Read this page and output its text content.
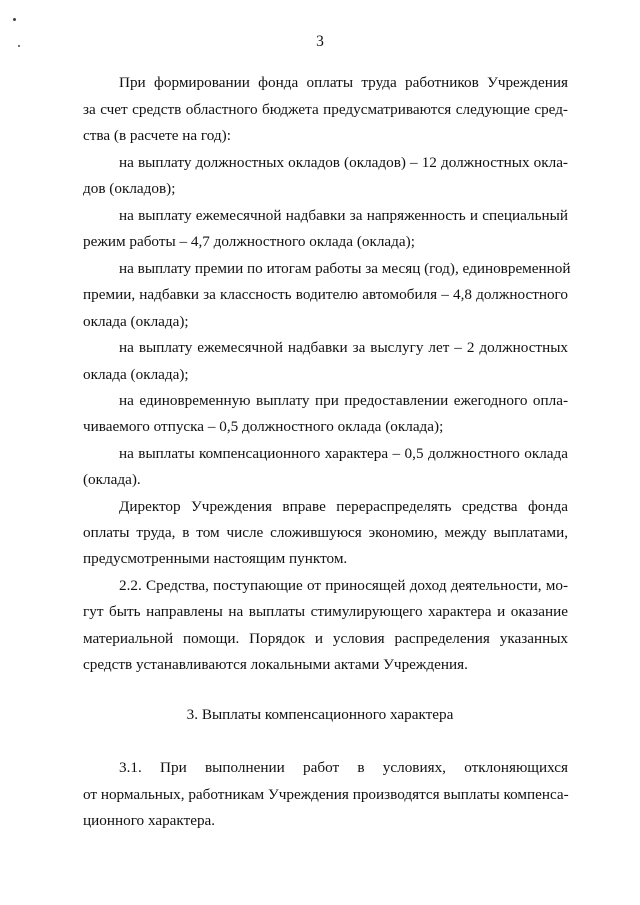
3
При формировании фонда оплаты труда работников Учреждения
за счет средств областного бюджета предусматриваются следующие сред-
ства (в расчете на год):
на выплату должностных окладов (окладов) – 12 должностных окла-
дов (окладов);
на выплату ежемесячной надбавки за напряженность и специальный
режим работы – 4,7 должностного оклада (оклада);
на выплату премии по итогам работы за месяц (год), единовременной
премии, надбавки за классность водителю автомобиля – 4,8 должностного
оклада (оклада);
на выплату ежемесячной надбавки за выслугу лет – 2 должностных
оклада (оклада);
на единовременную выплату при предоставлении ежегодного опла-
чиваемого отпуска – 0,5 должностного оклада (оклада);
на выплаты компенсационного характера – 0,5 должностного оклада
(оклада).
Директор Учреждения вправе перераспределять средства фонда
оплаты труда, в том числе сложившуюся экономию, между выплатами,
предусмотренными настоящим пунктом.
2.2. Средства, поступающие от приносящей доход деятельности, мо-
гут быть направлены на выплаты стимулирующего характера и оказание
материальной помощи. Порядок и условия распределения указанных
средств устанавливаются локальными актами Учреждения.
3. Выплаты компенсационного характера
3.1. При выполнении работ в условиях, отклоняющихся
от нормальных, работникам Учреждения производятся выплаты компенса-
ционного характера.
